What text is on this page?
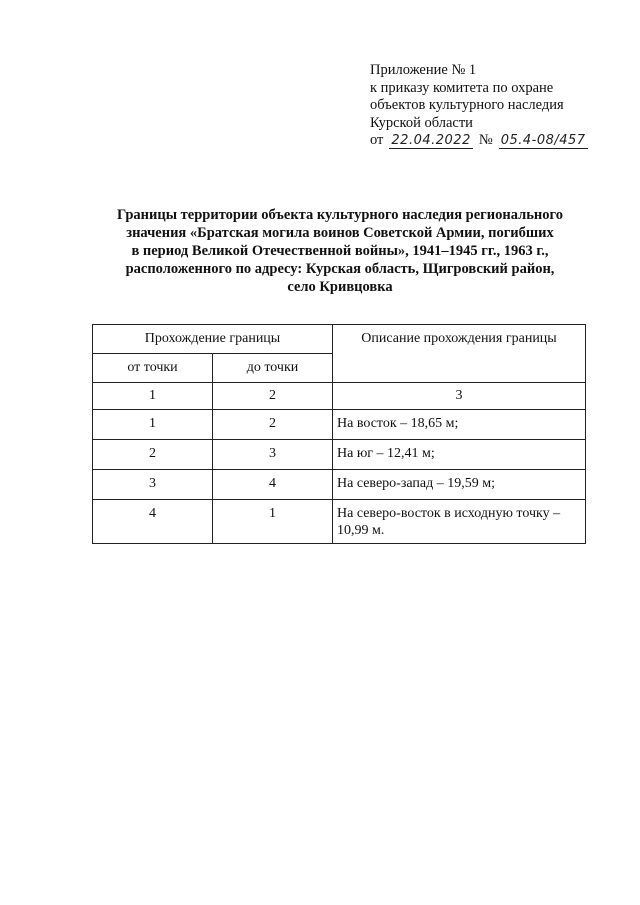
Приложение № 1
к приказу комитета по охране
объектов культурного наследия
Курской области
от 22.04.2022 № 05.4-08/457
Границы территории объекта культурного наследия регионального
значения «Братская могила воинов Советской Армии, погибших
в период Великой Отечественной войны», 1941–1945 гг., 1963 г.,
расположенного по адресу: Курская область, Щигровский район,
село Кривцовка
Прохождение границы		Описание прохождения границы
от точки	до точки	
1	2	3
1	2	На восток – 18,65 м;
2	3	На юг – 12,41 м;
3	4	На северо-запад – 19,59 м;
4	1	На северо-восток в исходную точку – 10,99 м.
